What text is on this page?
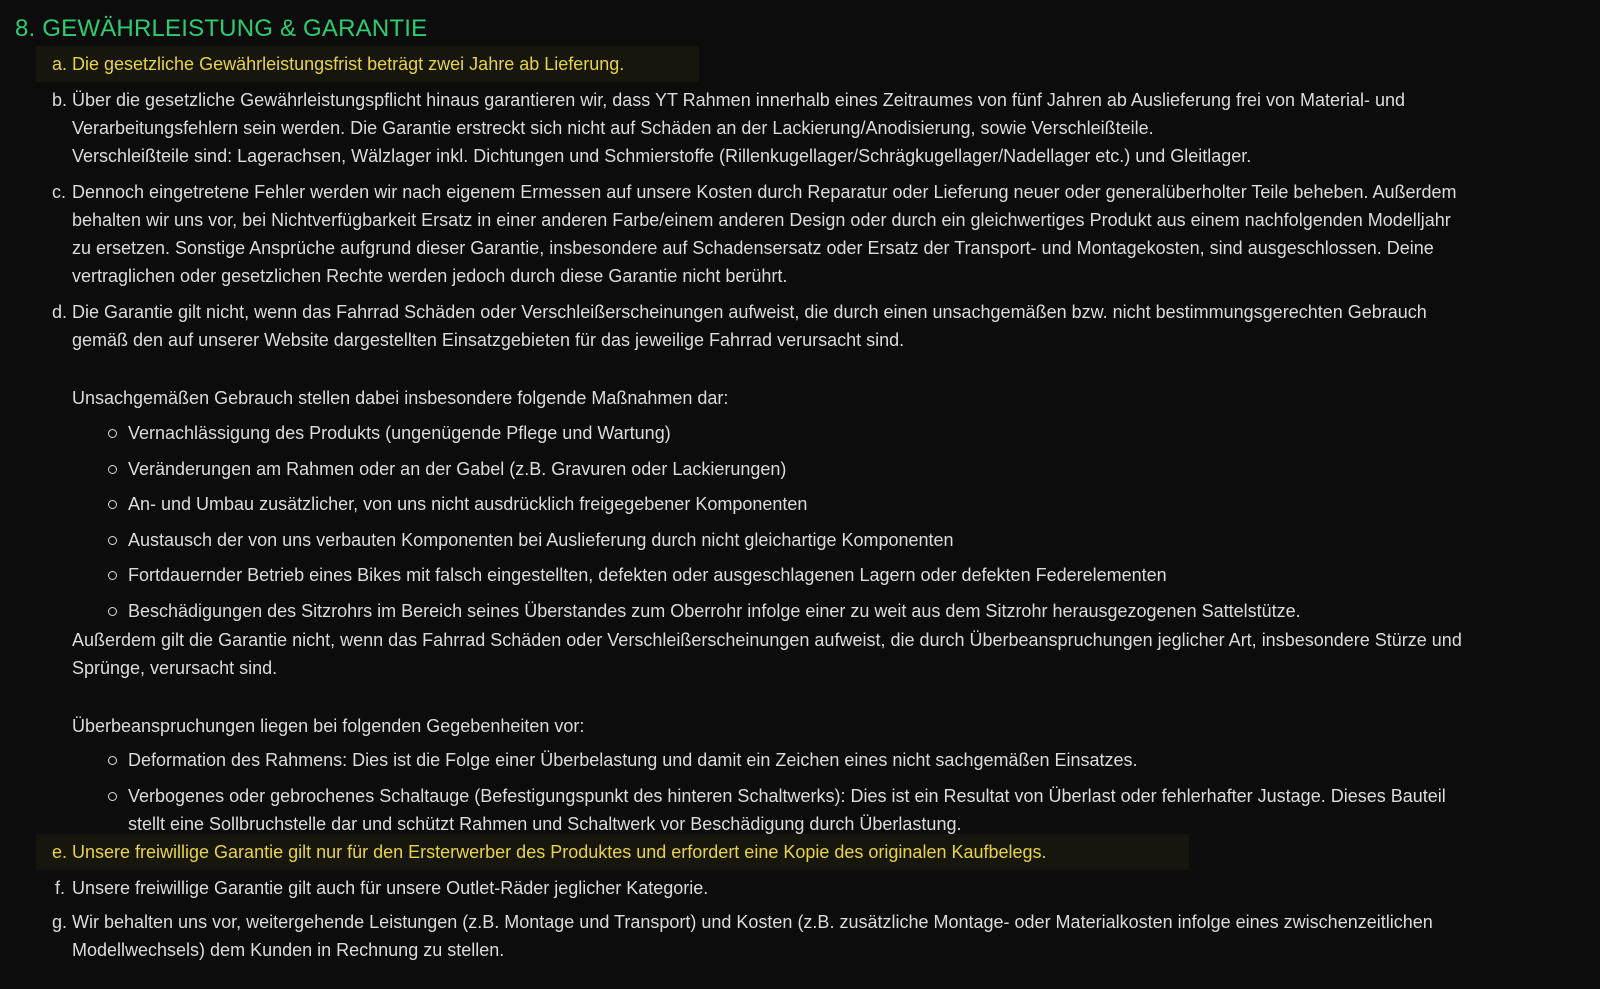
8. GEWÄHRLEISTUNG & GARANTIE
a. Die gesetzliche Gewährleistungsfrist beträgt zwei Jahre ab Lieferung.

b. Über die gesetzliche Gewährleistungspflicht hinaus garantieren wir, dass YT Rahmen innerhalb eines Zeitraumes von fünf Jahren ab Auslieferung frei von Material- und

Verarbeitungsfehlern sein werden. Die Garantie erstreckt sich nicht auf Schäden an der Lackierung/Anodisierung, sowie Verschleißteile.

Verschleißteile sind: Lagerachsen, Wälzlager inkl. Dichtungen und Schmierstoffe (Rillenkugellager/Schrägkugellager/Nadellager etc.) und Gleitlager.

c. Dennoch eingetretene Fehler werden wir nach eigenem Ermessen auf unsere Kosten durch Reparatur oder Lieferung neuer oder generalüberholter Teile beheben. Außerdem

behalten wir uns vor, bei Nichtverfügbarkeit Ersatz in einer anderen Farbe/einem anderen Design oder durch ein gleichwertiges Produkt aus einem nachfolgenden Modelljahr

zu ersetzen. Sonstige Ansprüche aufgrund dieser Garantie, insbesondere auf Schadensersatz oder Ersatz der Transport- und Montagekosten, sind ausgeschlossen. Deine

vertraglichen oder gesetzlichen Rechte werden jedoch durch diese Garantie nicht berührt.

d. Die Garantie gilt nicht, wenn das Fahrrad Schäden oder Verschleißerscheinungen aufweist, die durch einen unsachgemäßen bzw. nicht bestimmungsgerechten Gebrauch

gemäß den auf unserer Website dargestellten Einsatzgebieten für das jeweilige Fahrrad verursacht sind.

Unsachgemäßen Gebrauch stellen dabei insbesondere folgende Maßnahmen dar:

Vernachlässigung des Produkts (ungenügende Pflege und Wartung)

Veränderungen am Rahmen oder an der Gabel (z.B. Gravuren oder Lackierungen)

An- und Umbau zusätzlicher, von uns nicht ausdrücklich freigegebener Komponenten

Austausch der von uns verbauten Komponenten bei Auslieferung durch nicht gleichartige Komponenten

Fortdauernder Betrieb eines Bikes mit falsch eingestellten, defekten oder ausgeschlagenen Lagern oder defekten Federelementen

Beschädigungen des Sitzrohrs im Bereich seines Überstandes zum Oberrohr infolge einer zu weit aus dem Sitzrohr herausgezogenen Sattelstütze.

Außerdem gilt die Garantie nicht, wenn das Fahrrad Schäden oder Verschleißerscheinungen aufweist, die durch Überbeanspruchungen jeglicher Art, insbesondere Stürze und

Sprünge, verursacht sind.

Überbeanspruchungen liegen bei folgenden Gegebenheiten vor:

Deformation des Rahmens: Dies ist die Folge einer Überbelastung und damit ein Zeichen eines nicht sachgemäßen Einsatzes.

Verbogenes oder gebrochenes Schaltauge (Befestigungspunkt des hinteren Schaltwerks): Dies ist ein Resultat von Überlast oder fehlerhafter Justage. Dieses Bauteil

stellt eine Sollbruchstelle dar und schützt Rahmen und Schaltwerk vor Beschädigung durch Überlastung.

e. Unsere freiwillige Garantie gilt nur für den Ersterwerber des Produktes und erfordert eine Kopie des originalen Kaufbelegs.

f. Unsere freiwillige Garantie gilt auch für unsere Outlet-Räder jeglicher Kategorie.

g. Wir behalten uns vor, weitergehende Leistungen (z.B. Montage und Transport) und Kosten (z.B. zusätzliche Montage- oder Materialkosten infolge eines zwischenzeitlichen

Modellwechsels) dem Kunden in Rechnung zu stellen.
